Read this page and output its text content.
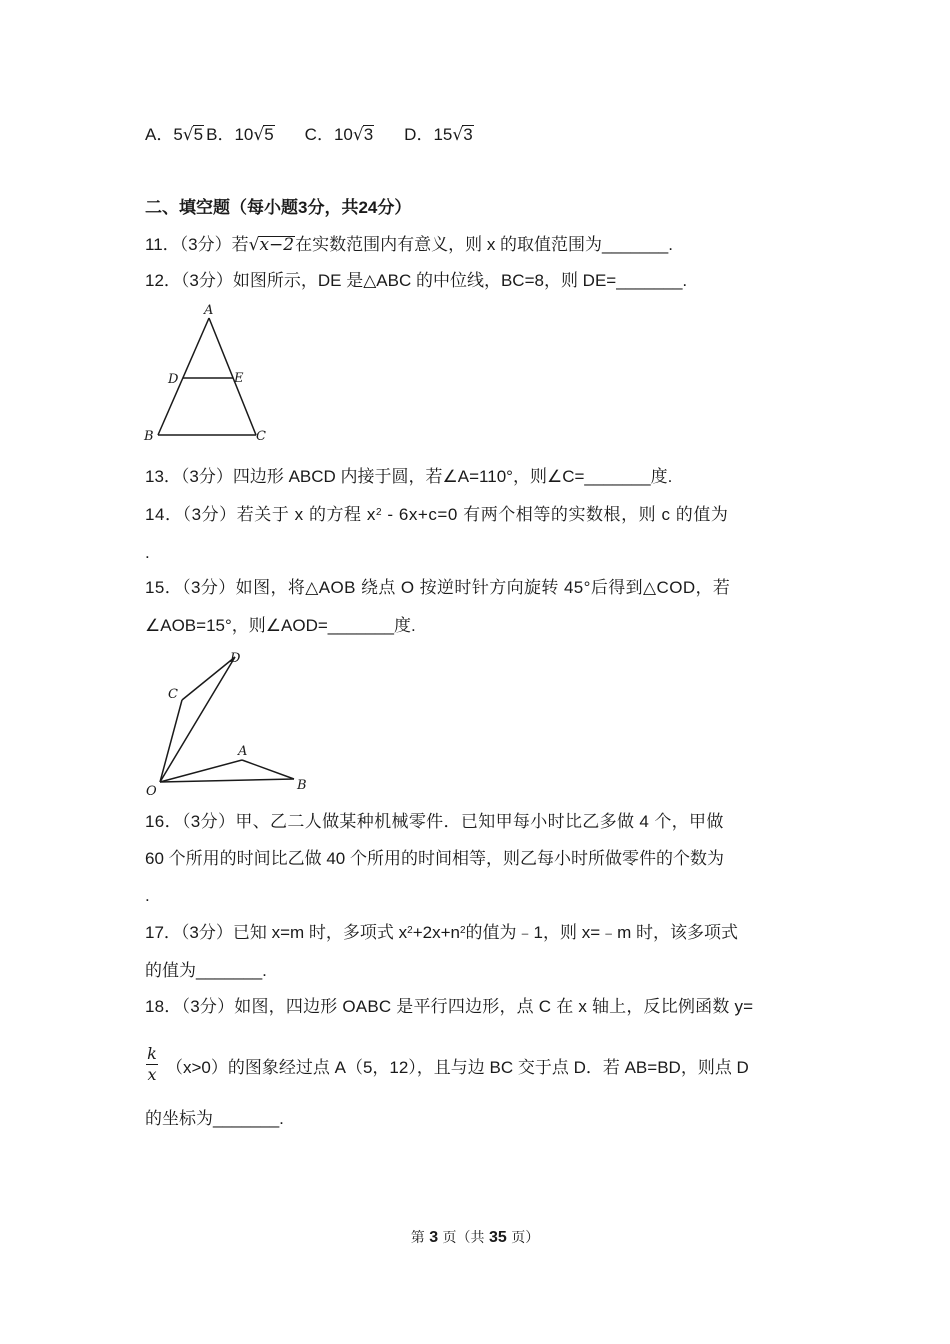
A．5√5 B．10√5 C．10√3 D．15√3
二、填空题（每小题3分，共24分）
11．（3分）若√x−2在实数范围内有意义，则 x 的取值范围为_______.
12．（3分）如图所示，DE 是△ABC 的中位线，BC=8，则 DE=_______.
A
D	E
B	C
13．（3分）四边形 ABCD 内接于圆，若∠A=110°，则∠C=_______度.
14．（3分）若关于 x 的方程 $x^2 - 6x+c=0$ 有两个相等的实数根，则 c 的值为
.
15．（3分）如图，将△AOB 绕点 O 按逆时针方向旋转 45°后得到△COD，若
∠AOB=15°，则∠AOD=_______度.
D
C
A
O	B
16．（3分）甲、乙二人做某种机械零件．已知甲每小时比乙多做 4 个，甲做
60 个所用的时间比乙做 40 个所用的时间相等，则乙每小时所做零件的个数为
.
17．（3分）已知 x=m 时，多项式 $x^2+2x+n^2$的值为﹣1，则 x=﹣m 时，该多项式
的值为_______.
18．（3分）如图，四边形 OABC 是平行四边形，点 C 在 x 轴上，反比例函数 y=
k
x （x>0）的图象经过点 A（5，12），且与边 BC 交于点 D．若 AB=BD，则点 D
的坐标为_______.
第 3 页（共 35 页）
